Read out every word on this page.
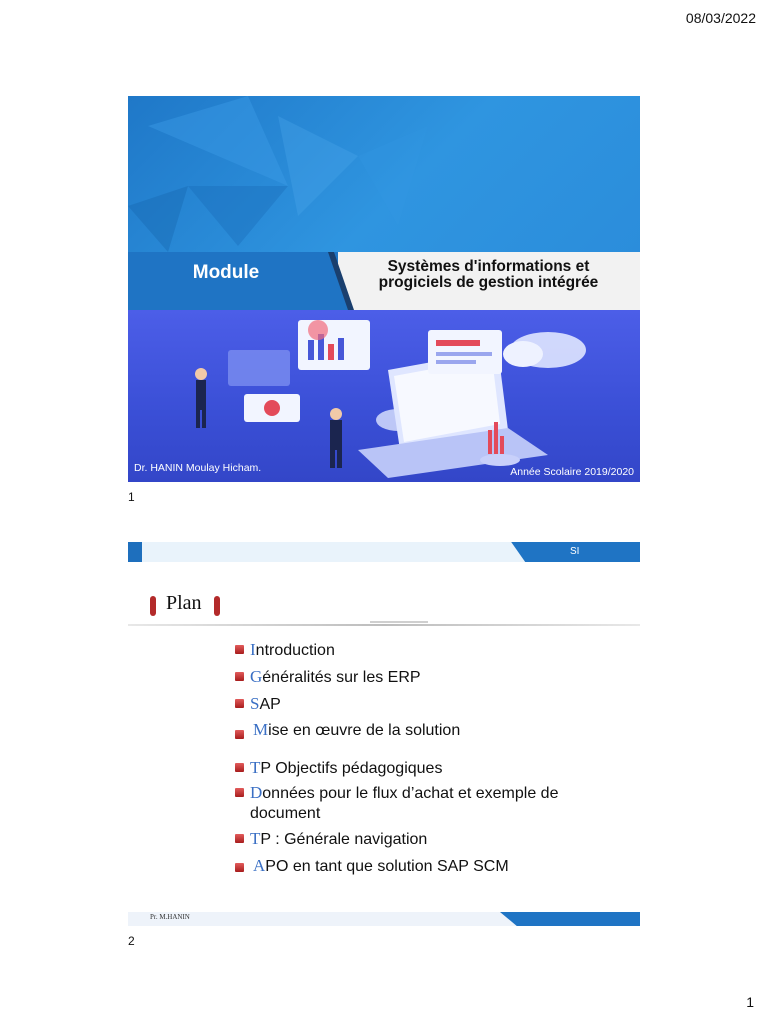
08/03/2022
Module	Systèmes d'informations et
progiciels de gestion intégrée
Dr. HANIN Moulay Hicham.	Année Scolaire 2019/2020
1
SI
Plan
Introduction
Généralités sur les ERP
SAP
Mise en œuvre de la solution
TP Objectifs pédagogiques
Données pour le flux d’achat et exemple de document
TP : Générale navigation
APO en tant que solution SAP SCM
Pr. M.HANIN
2
1
